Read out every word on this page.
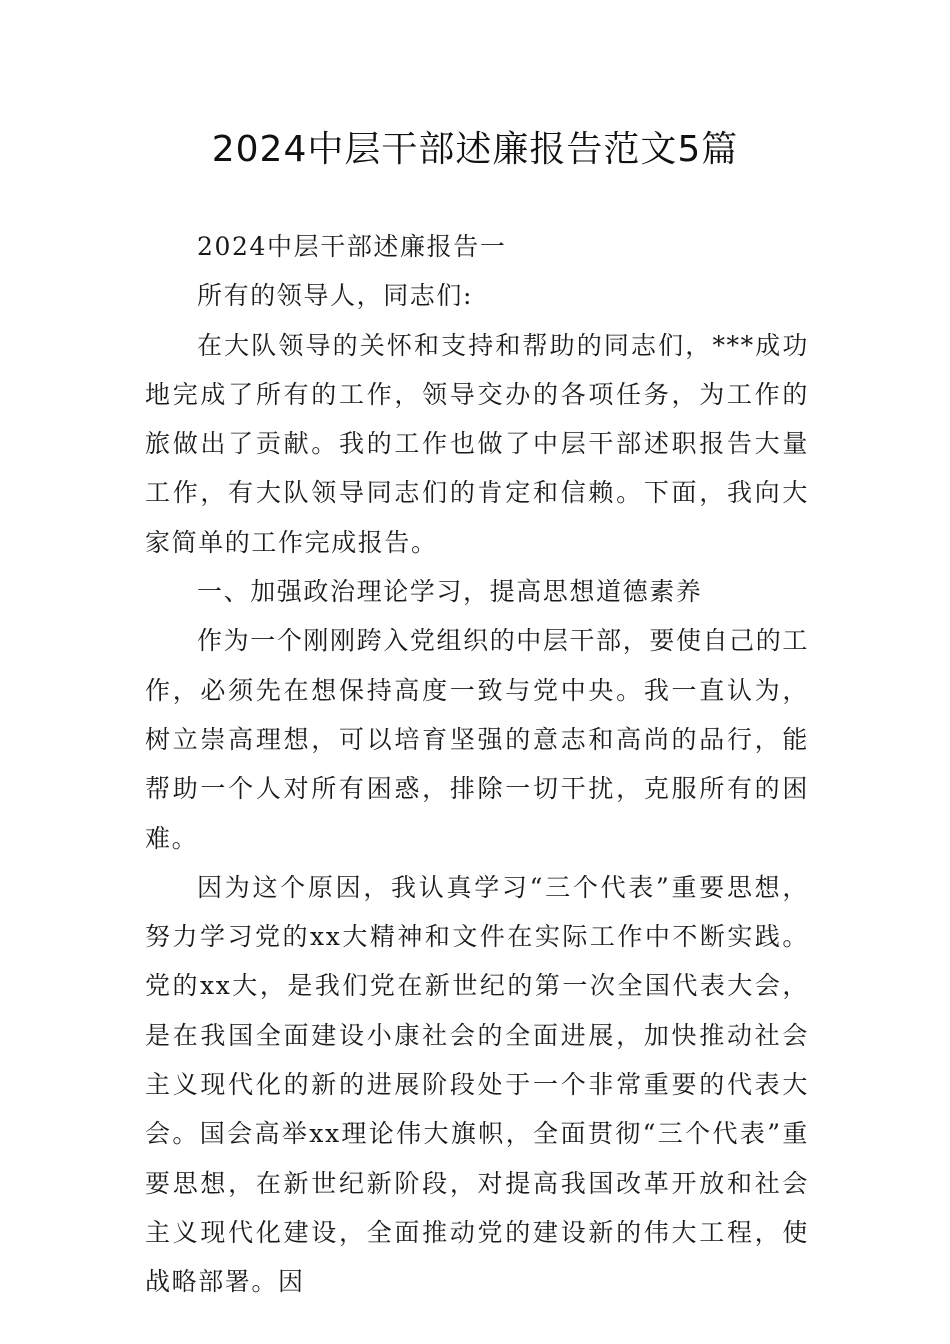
2024中层干部述廉报告范文5篇

2024中层干部述廉报告一

所有的领导人，同志们:

在大队领导的关怀和支持和帮助的同志们，***成功地完成了所有的工作，领导交办的各项任务，为工作的旅做出了贡献。我的工作也做了中层干部述职报告大量工作，有大队领导同志们的肯定和信赖。下面，我向大家简单的工作完成报告。

一、加强政治理论学习，提高思想道德素养

作为一个刚刚跨入党组织的中层干部，要使自己的工作，必须先在想保持高度一致与党中央。我一直认为，树立崇高理想，可以培育坚强的意志和高尚的品行，能帮助一个人对所有困惑，排除一切干扰，克服所有的困难。

因为这个原因，我认真学习“三个代表”重要思想，努力学习党的xx大精神和文件在实际工作中不断实践。党的xx大，是我们党在新世纪的第一次全国代表大会，是在我国全面建设小康社会的全面进展，加快推动社会主义现代化的新的进展阶段处于一个非常重要的代表大会。国会高举xx理论伟大旗帜，全面贯彻“三个代表”重要思想，在新世纪新阶段，对提高我国改革开放和社会主义现代化建设，全面推动党的建设新的伟大工程，使战略部署。因
